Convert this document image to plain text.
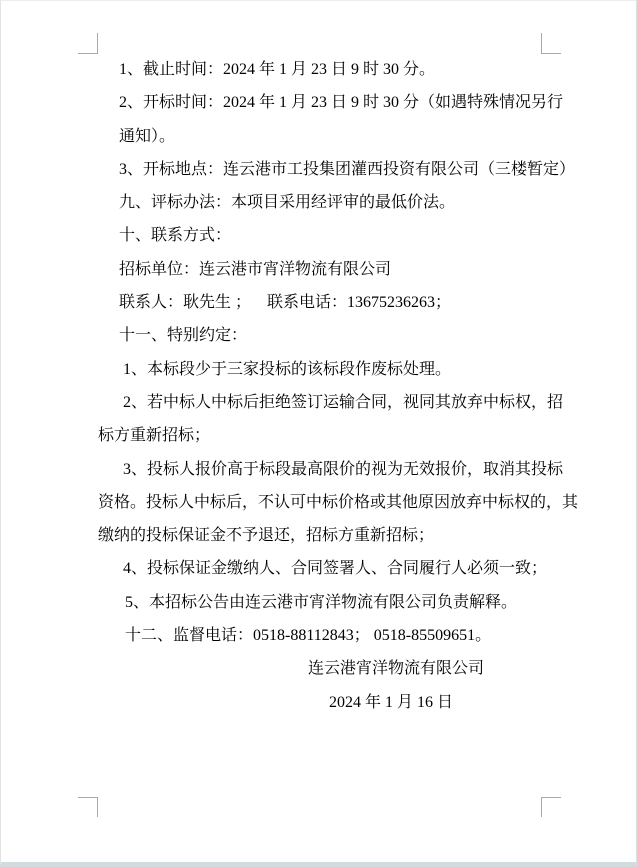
1、截止时间：2024 年 1 月 23 日 9 时 30 分。
2、开标时间：2024 年 1 月 23 日 9 时 30 分（如遇特殊情况另行
通知）。
3、开标地点：连云港市工投集团灌西投资有限公司（三楼暂定）
九、评标办法：本项目采用经评审的最低价法。
十、联系方式：
招标单位：连云港市宵洋物流有限公司
联系人：耿先生 ；    联系电话：13675236263；
十一、特别约定：
1、本标段少于三家投标的该标段作废标处理。
2、若中标人中标后拒绝签订运输合同，视同其放弃中标权，招
标方重新招标；
3、投标人报价高于标段最高限价的视为无效报价，取消其投标
资格。投标人中标后，不认可中标价格或其他原因放弃中标权的，其
缴纳的投标保证金不予退还，招标方重新招标；
4、投标保证金缴纳人、合同签署人、合同履行人必须一致；
5、本招标公告由连云港市宵洋物流有限公司负责解释。
十二、监督电话：0518-88112843； 0518-85509651。
连云港宵洋物流有限公司
2024 年 1 月 16 日
